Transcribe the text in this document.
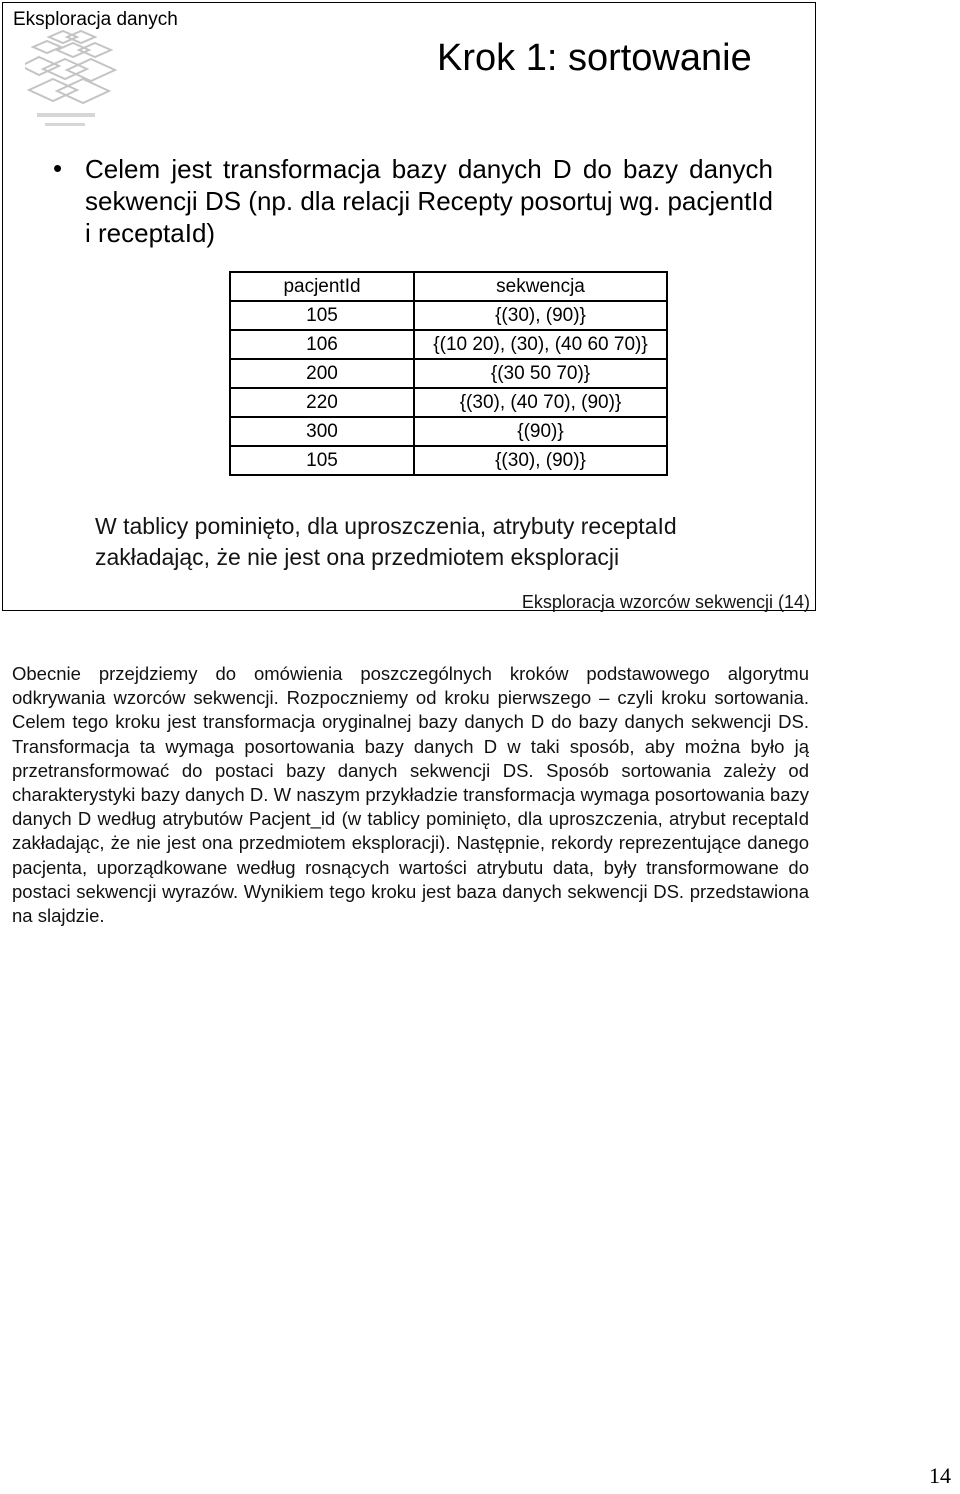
Eksploracja danych
Krok 1: sortowanie
• Celem jest transformacja bazy danych D do bazy danych sekwencji DS (np. dla relacji Recepty posortuj wg. pacjentId i receptaId)
pacjentId	sekwencja
105	{(30), (90)}
106	{(10 20), (30), (40 60 70)}
200	{(30 50 70)}
220	{(30), (40 70), (90)}
300	{(90)}
105	{(30), (90)}
W tablicy pominięto, dla uproszczenia, atrybuty receptaId zakładając, że nie jest ona przedmiotem eksploracji
Eksploracja wzorców sekwencji (14)

Obecnie przejdziemy do omówienia poszczególnych kroków podstawowego algorytmu odkrywania wzorców sekwencji. Rozpoczniemy od kroku pierwszego – czyli kroku sortowania. Celem tego kroku jest transformacja oryginalnej bazy danych D do bazy danych sekwencji DS. Transformacja ta wymaga posortowania bazy danych D w taki sposób, aby można było ją przetransformować do postaci bazy danych sekwencji DS. Sposób sortowania zależy od charakterystyki bazy danych D. W naszym przykładzie transformacja wymaga posortowania bazy danych D według atrybutów Pacjent_id (w tablicy pominięto, dla uproszczenia, atrybut receptaId zakładając, że nie jest ona przedmiotem eksploracji). Następnie, rekordy reprezentujące danego pacjenta, uporządkowane według rosnących wartości atrybutu data, były transformowane do postaci sekwencji wyrazów. Wynikiem tego kroku jest baza danych sekwencji DS. przedstawiona na slajdzie.

14
